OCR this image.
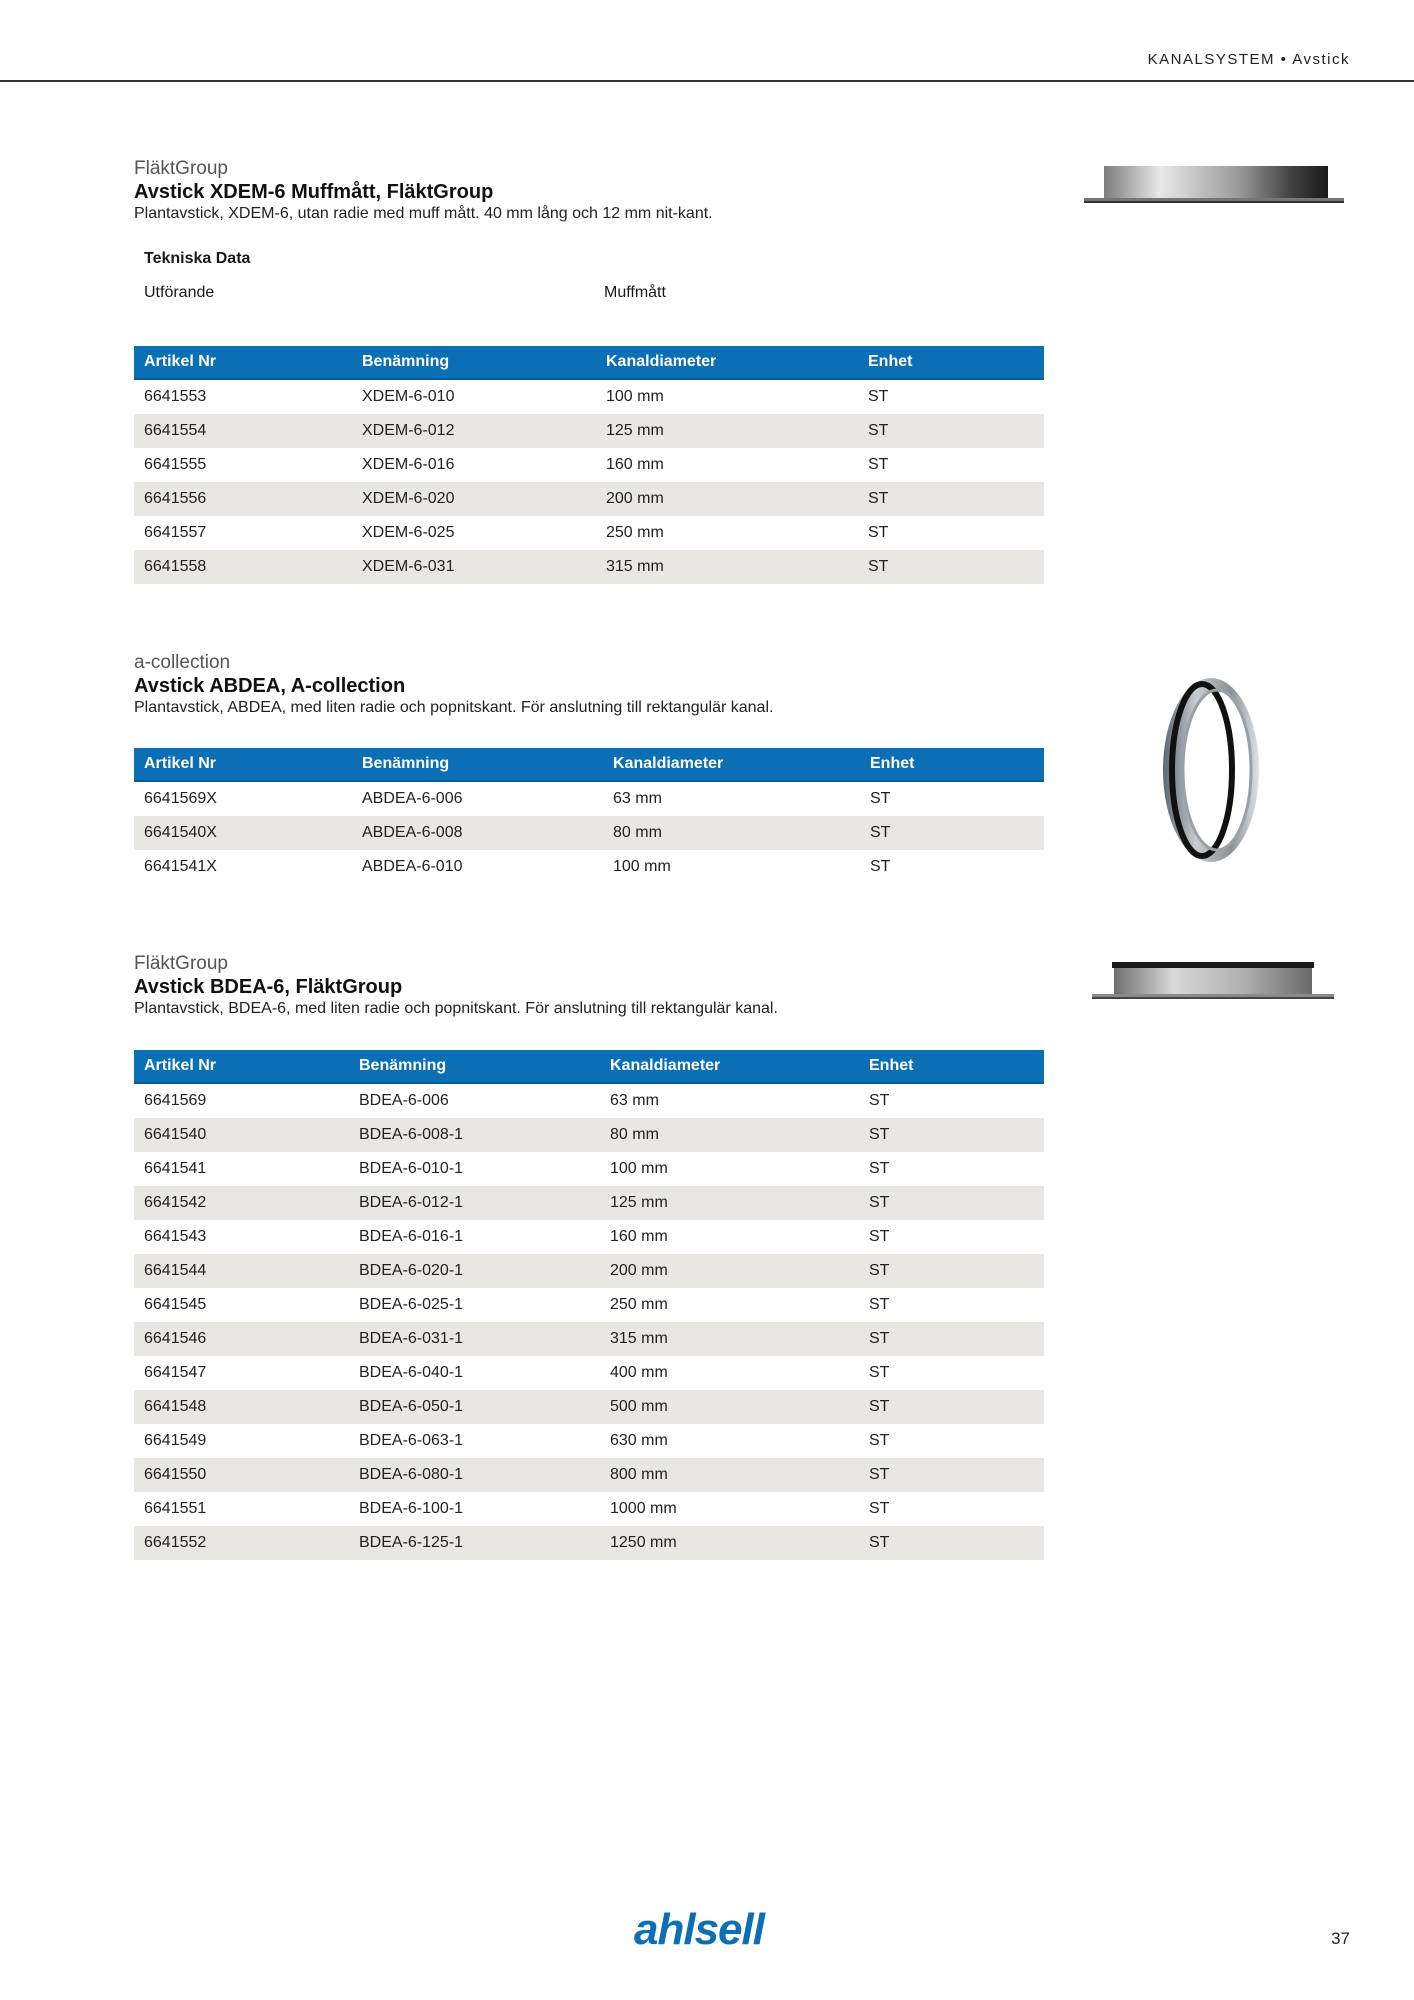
KANALSYSTEM • Avstick
FläktGroup
Avstick XDEM-6 Muffmått, FläktGroup
Plantavstick, XDEM-6, utan radie med muff mått. 40 mm lång och 12 mm nit-kant.
Tekniska Data
Utförande	Muffmått
Artikel Nr	Benämning	Kanaldiameter	Enhet
6641553	XDEM-6-010	100 mm	ST
6641554	XDEM-6-012	125 mm	ST
6641555	XDEM-6-016	160 mm	ST
6641556	XDEM-6-020	200 mm	ST
6641557	XDEM-6-025	250 mm	ST
6641558	XDEM-6-031	315 mm	ST
a-collection
Avstick ABDEA, A-collection
Plantavstick, ABDEA, med liten radie och popnitskant. För anslutning till rektangulär kanal.
Artikel Nr	Benämning	Kanaldiameter	Enhet
6641569X	ABDEA-6-006	63 mm	ST
6641540X	ABDEA-6-008	80 mm	ST
6641541X	ABDEA-6-010	100 mm	ST
FläktGroup
Avstick BDEA-6, FläktGroup
Plantavstick, BDEA-6, med liten radie och popnitskant. För anslutning till rektangulär kanal.
Artikel Nr	Benämning	Kanaldiameter	Enhet
6641569	BDEA-6-006	63 mm	ST
6641540	BDEA-6-008-1	80 mm	ST
6641541	BDEA-6-010-1	100 mm	ST
6641542	BDEA-6-012-1	125 mm	ST
6641543	BDEA-6-016-1	160 mm	ST
6641544	BDEA-6-020-1	200 mm	ST
6641545	BDEA-6-025-1	250 mm	ST
6641546	BDEA-6-031-1	315 mm	ST
6641547	BDEA-6-040-1	400 mm	ST
6641548	BDEA-6-050-1	500 mm	ST
6641549	BDEA-6-063-1	630 mm	ST
6641550	BDEA-6-080-1	800 mm	ST
6641551	BDEA-6-100-1	1000 mm	ST
6641552	BDEA-6-125-1	1250 mm	ST
ahlsell	37
